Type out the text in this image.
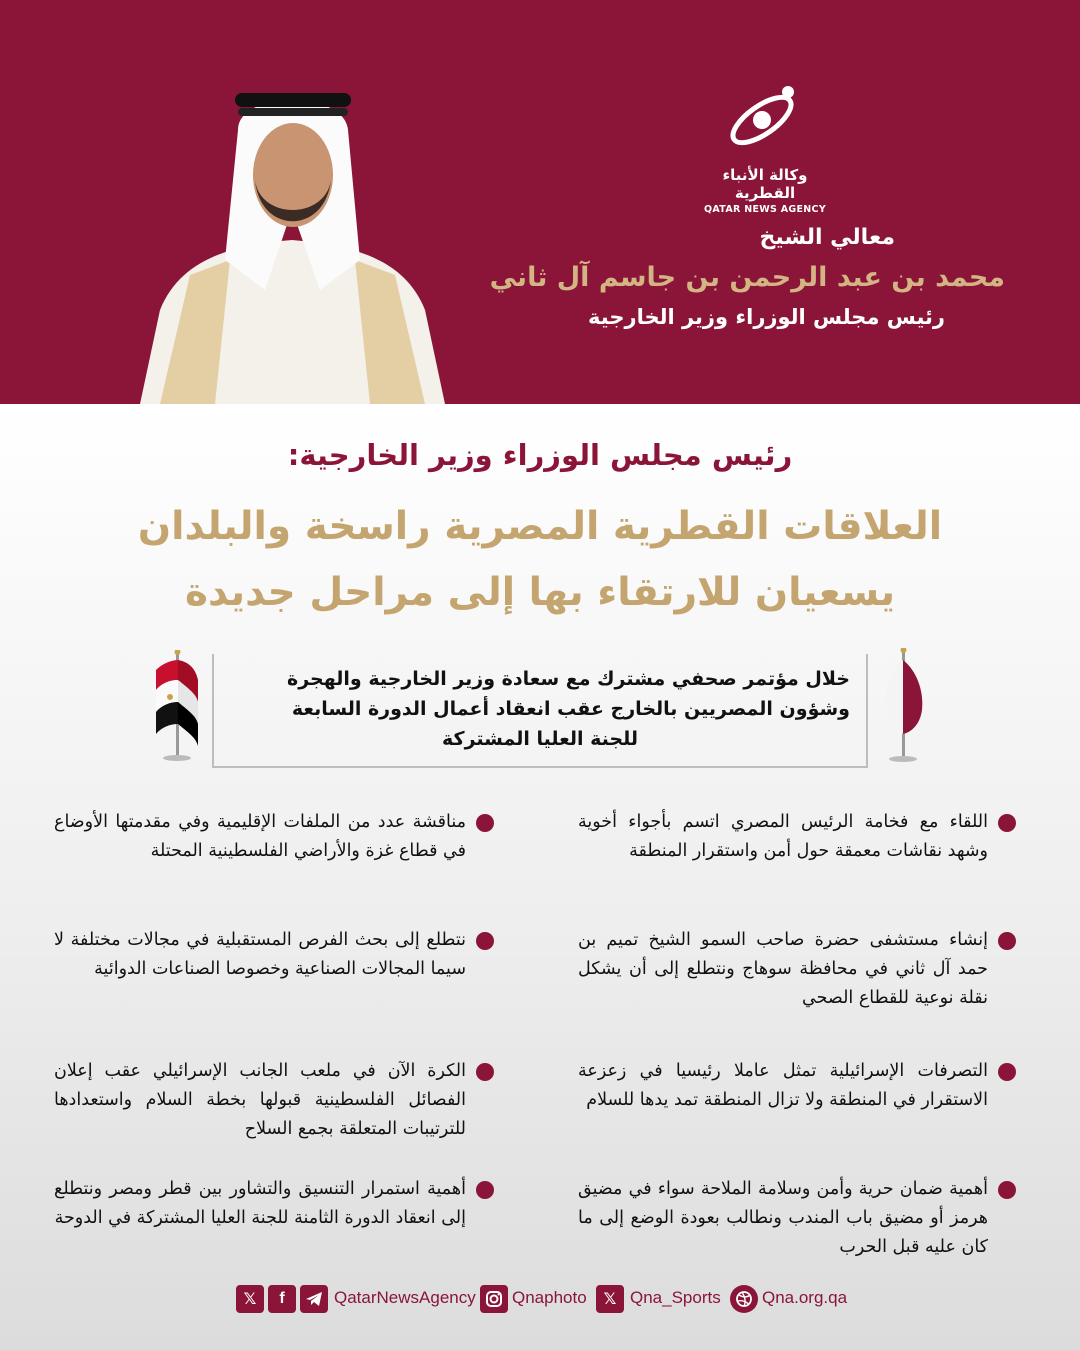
وكالة الأنباء القطرية
QATAR NEWS AGENCY
معالي الشيخ
محمد بن عبد الرحمن بن جاسم آل ثاني
رئيس مجلس الوزراء وزير الخارجية
رئيس مجلس الوزراء وزير الخارجية:
العلاقات القطرية المصرية راسخة والبلدان
يسعيان للارتقاء بها إلى مراحل جديدة
خلال مؤتمر صحفي مشترك مع سعادة وزير الخارجية والهجرة
وشؤون المصريين بالخارج عقب انعقاد أعمال الدورة السابعة

للجنة العليا المشتركة
اللقاء مع فخامة الرئيس المصري اتسم بأجواء أخوية وشهد نقاشات معمقة حول أمن واستقرار المنطقة
إنشاء مستشفى حضرة صاحب السمو الشيخ تميم بن حمد آل ثاني في محافظة سوهاج ونتطلع إلى أن يشكل نقلة نوعية للقطاع الصحي
التصرفات الإسرائيلية تمثل عاملا رئيسيا في زعزعة الاستقرار في المنطقة ولا تزال المنطقة تمد يدها للسلام
أهمية ضمان حرية وأمن وسلامة الملاحة سواء في مضيق هرمز أو مضيق باب المندب ونطالب بعودة الوضع إلى ما كان عليه قبل الحرب
مناقشة عدد من الملفات الإقليمية وفي مقدمتها الأوضاع في قطاع غزة والأراضي الفلسطينية المحتلة
نتطلع إلى بحث الفرص المستقبلية في مجالات مختلفة لا سيما المجالات الصناعية وخصوصا الصناعات الدوائية
الكرة الآن في ملعب الجانب الإسرائيلي عقب إعلان الفصائل الفلسطينية قبولها بخطة السلام واستعدادها للترتيبات المتعلقة بجمع السلاح
أهمية استمرار التنسيق والتشاور بين قطر ومصر ونتطلع إلى انعقاد الدورة الثامنة للجنة العليا المشتركة في الدوحة
𝕏	f	QatarNewsAgency Qnaphoto	𝕏 Qna_Sports Qna.org.qa
